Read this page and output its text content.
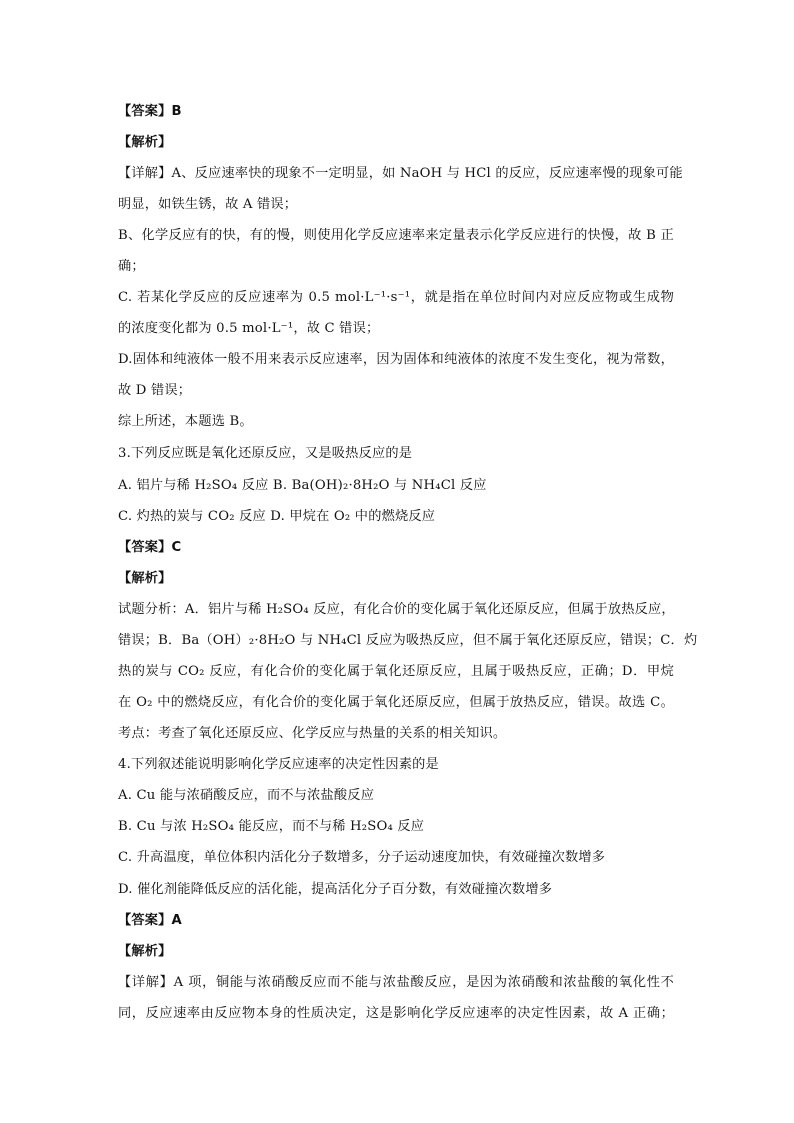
【答案】B
【解析】
【详解】A、反应速率快的现象不一定明显，如 NaOH 与 HCl 的反应，反应速率慢的现象可能
明显，如铁生锈，故 A 错误；
B、化学反应有的快，有的慢，则使用化学反应速率来定量表示化学反应进行的快慢，故 B 正
确；
C. 若某化学反应的反应速率为 0.5 mol·L⁻¹·s⁻¹，就是指在单位时间内对应反应物或生成物
的浓度变化都为 0.5 mol·L⁻¹，故 C 错误；
D.固体和纯液体一般不用来表示反应速率，因为固体和纯液体的浓度不发生变化，视为常数，
故 D 错误；
综上所述，本题选 B。
3.下列反应既是氧化还原反应，又是吸热反应的是
A. 铝片与稀 H₂SO₄ 反应 B. Ba(OH)₂·8H₂O 与 NH₄Cl 反应
C. 灼热的炭与 CO₂ 反应 D. 甲烷在 O₂ 中的燃烧反应
【答案】C
【解析】
试题分析：A．铝片与稀 H₂SO₄ 反应，有化合价的变化属于氧化还原反应，但属于放热反应，
错误；B．Ba（OH）₂·8H₂O 与 NH₄Cl 反应为吸热反应，但不属于氧化还原反应，错误；C．灼
热的炭与 CO₂ 反应，有化合价的变化属于氧化还原反应，且属于吸热反应，正确；D．甲烷
在 O₂ 中的燃烧反应，有化合价的变化属于氧化还原反应，但属于放热反应，错误。故选 C。
考点：考查了氧化还原反应、化学反应与热量的关系的相关知识。
4.下列叙述能说明影响化学反应速率的决定性因素的是
A. Cu 能与浓硝酸反应，而不与浓盐酸反应
B. Cu 与浓 H₂SO₄ 能反应，而不与稀 H₂SO₄ 反应
C. 升高温度，单位体积内活化分子数增多，分子运动速度加快，有效碰撞次数增多
D. 催化剂能降低反应的活化能，提高活化分子百分数，有效碰撞次数增多
【答案】A
【解析】
【详解】A 项，铜能与浓硝酸反应而不能与浓盐酸反应，是因为浓硝酸和浓盐酸的氧化性不
同，反应速率由反应物本身的性质决定，这是影响化学反应速率的决定性因素，故 A 正确；
